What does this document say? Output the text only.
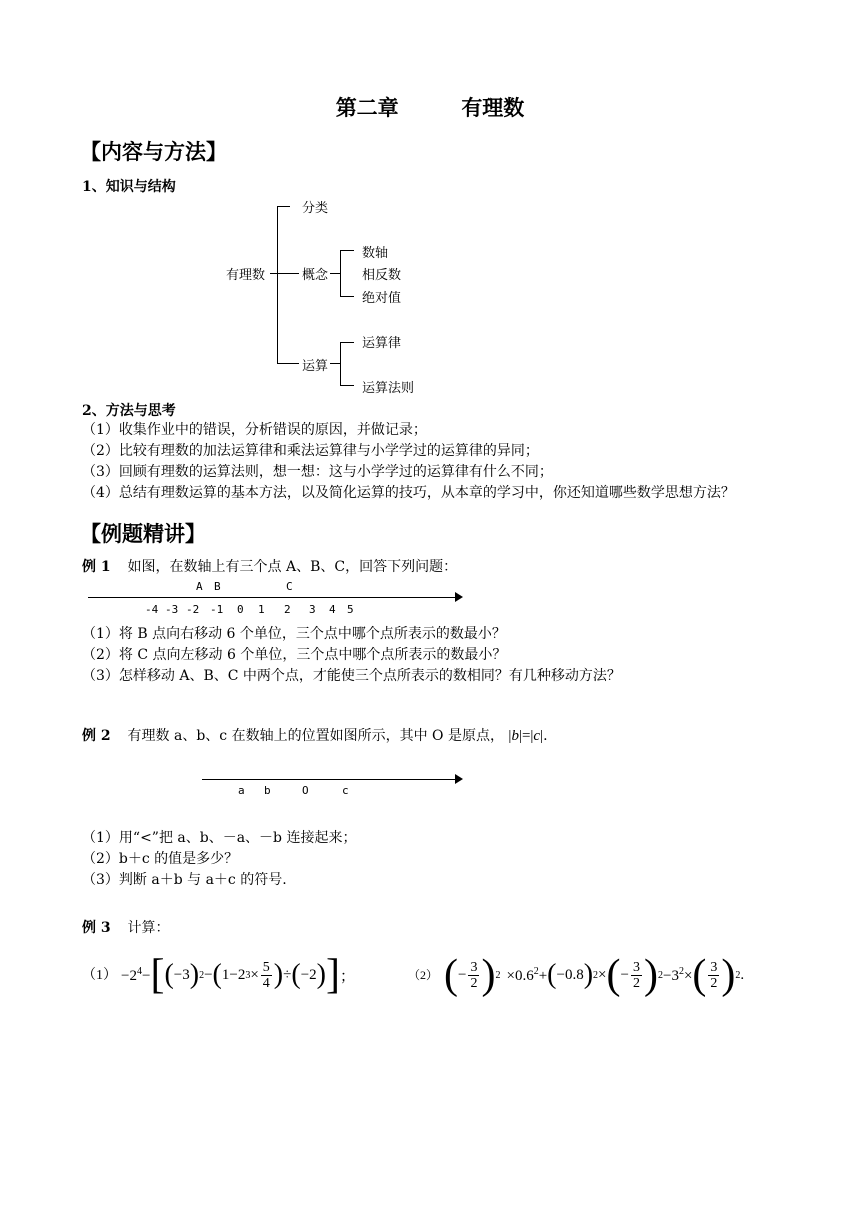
第二章	有理数
【内容与方法】
1、知识与结构
有理数
分类
概念
运算
数轴
相反数
绝对值
运算律
运算法则
2、方法与思考
（1）收集作业中的错误，分析错误的原因，并做记录；
（2）比较有理数的加法运算律和乘法运算律与小学学过的运算律的异同；
（3）回顾有理数的运算法则，想一想：这与小学学过的运算律有什么不同；
（4）总结有理数运算的基本方法，以及简化运算的技巧，从本章的学习中，你还知道哪些数学思想方法？
【例题精讲】
例 1 如图，在数轴上有三个点 A、B、C，回答下列问题：
A B	C
-4 -3 -2 -1 0 1 2 3 4 5
（1）将 B 点向右移动 6 个单位，三个点中哪个点所表示的数最小？
（2）将 C 点向左移动 6 个单位，三个点中哪个点所表示的数最小？
（3）怎样移动 A、B、C 中两个点，才能使三个点所表示的数相同？有几种移动方法？
例 2 有理数 a、b、c 在数轴上的位置如图所示，其中 O 是原点， |b|=|c|.
a b	O	c
（1）用“<”把 a、b、－a、－b 连接起来；
（2）b＋c 的值是多少？
（3）判断 a＋b 与 a＋c 的符号.
例 3 计算：
$(1) -2^4-$ [ ( −3 ) 2 − ( 1−2 $3 \times \frac{5}{4}$ ) ÷ ( −2 ) ] ；	（2） ( − $\frac{3}{2}$ ) $2 \times 0.6^2+$ ( −0.8 ) 2 × ( − $\frac{3}{2}$ ) $2 -3^2\times$ ( $\frac{3}{2}$ ) 2 .
